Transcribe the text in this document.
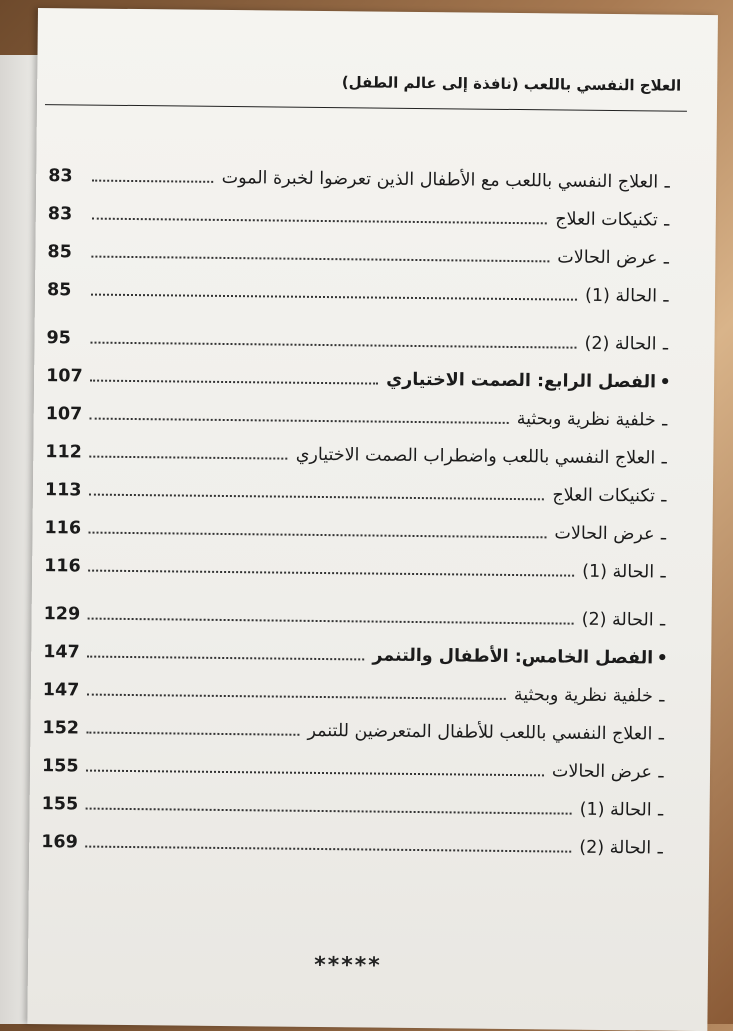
العلاج النفسي باللعب (نافذة إلى عالم الطفل)
ـ
العلاج النفسي باللعب مع الأطفال الذين تعرضوا لخبرة الموت
83
ـ
تكنيكات العلاج
83
ـ
عرض الحالات
85
ـ
الحالة (1)
85
ـ
الحالة (2)
95
•
الفصل الرابع: الصمت الاختياري
107
ـ
خلفية نظرية وبحثية
107
ـ
العلاج النفسي باللعب واضطراب الصمت الاختياري
112
ـ
تكنيكات العلاج
113
ـ
عرض الحالات
116
ـ
الحالة (1)
116
ـ
الحالة (2)
129
•
الفصل الخامس: الأطفال والتنمر
147
ـ
خلفية نظرية وبحثية
147
ـ
العلاج النفسي باللعب للأطفال المتعرضين للتنمر
152
ـ
عرض الحالات
155
ـ
الحالة (1)
155
ـ
الحالة (2)
169
*****
